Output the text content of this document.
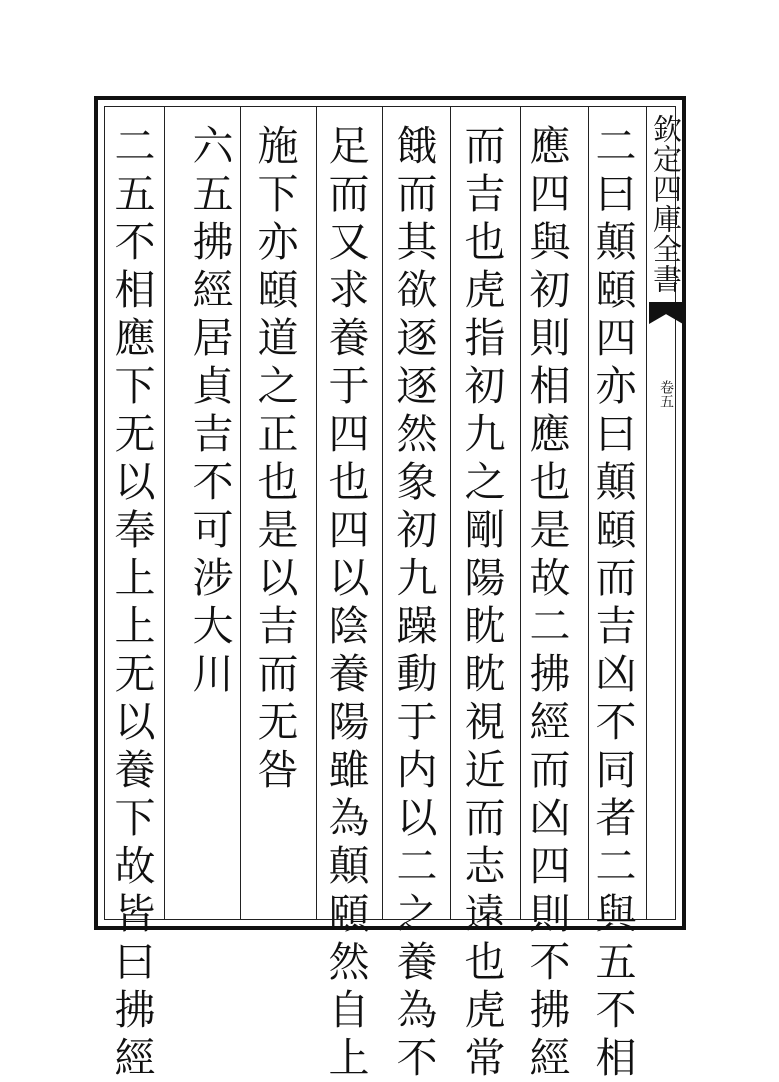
欽定四庫全書
卷五
二
曰
顛
頤
四
亦
曰
顛
頤
而
吉
凶
不
同
者
二
與
五
不
相
應
四
與
初
則
相
應
也
是
故
二
拂
經
而
凶
四
則
不
拂
經
而
吉
也
虎
指
初
九
之
剛
陽
眈
眈
視
近
而
志
遠
也
虎
常
餓
而
其
欲
逐
逐
然
象
初
九
躁
動
于
内
以
二
之
養
為
不
足
而
又
求
養
于
四
也
四
以
陰
養
陽
雖
為
顛
頤
然
自
上
施
下
亦
頤
道
之
正
也
是
以
吉
而
无
咎
六
五
拂
經
居
貞
吉
不
可
涉
大
川
二
五
不
相
應
下
无
以
奉
上
上
无
以
養
下
故
皆
曰
拂
經
